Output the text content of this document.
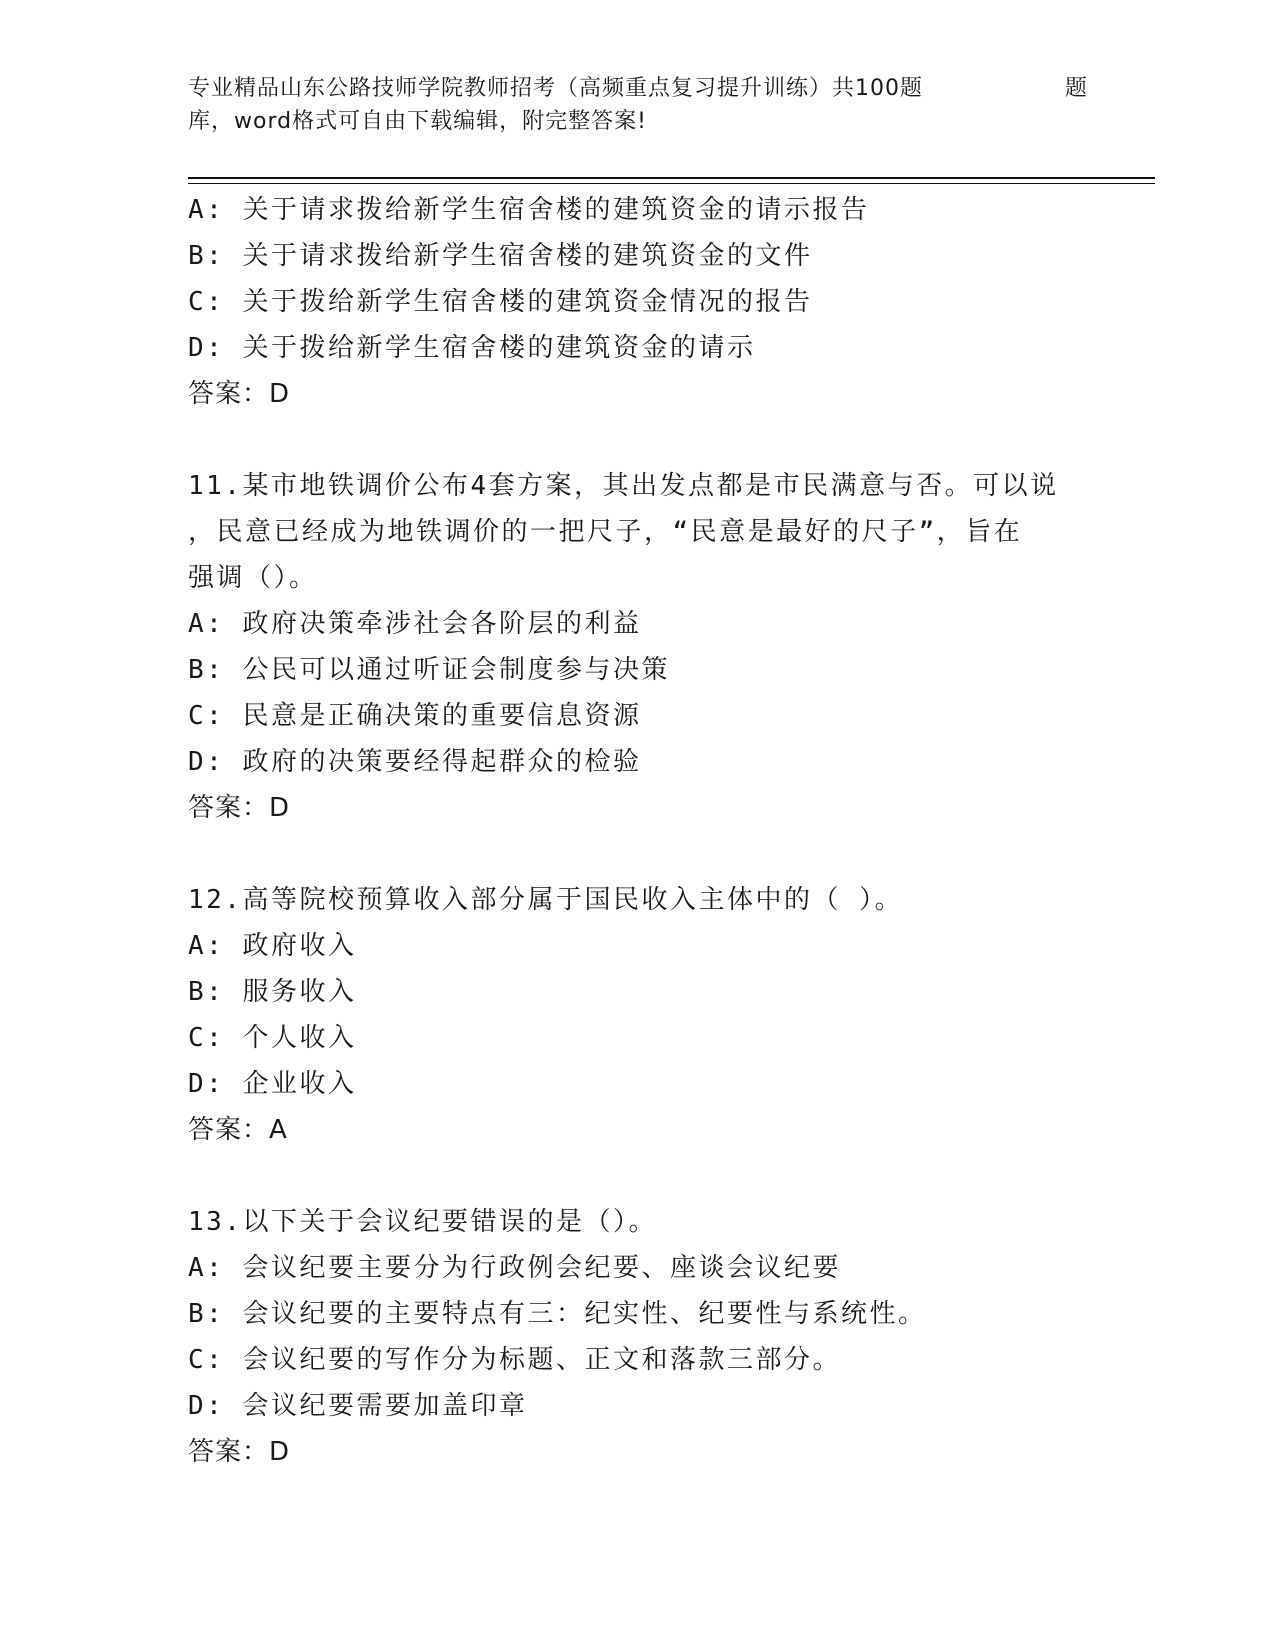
专业精品山东公路技师学院教师招考（高频重点复习提升训练）共100题	题
库，word格式可自由下载编辑，附完整答案!
A: 关于请求拨给新学生宿舍楼的建筑资金的请示报告
B: 关于请求拨给新学生宿舍楼的建筑资金的文件
C: 关于拨给新学生宿舍楼的建筑资金情况的报告
D: 关于拨给新学生宿舍楼的建筑资金的请示
答案：D
11.某市地铁调价公布4套方案，其出发点都是市民满意与否。可以说
，民意已经成为地铁调价的一把尺子，“民意是最好的尺子”，旨在
强调（）。
A: 政府决策牵涉社会各阶层的利益
B: 公民可以通过听证会制度参与决策
C: 民意是正确决策的重要信息资源
D: 政府的决策要经得起群众的检验
答案：D
12.高等院校预算收入部分属于国民收入主体中的（ ）。
A: 政府收入
B: 服务收入
C: 个人收入
D: 企业收入
答案：A
13.以下关于会议纪要错误的是（）。
A: 会议纪要主要分为行政例会纪要、座谈会议纪要
B: 会议纪要的主要特点有三：纪实性、纪要性与系统性。
C: 会议纪要的写作分为标题、正文和落款三部分。
D: 会议纪要需要加盖印章
答案：D
